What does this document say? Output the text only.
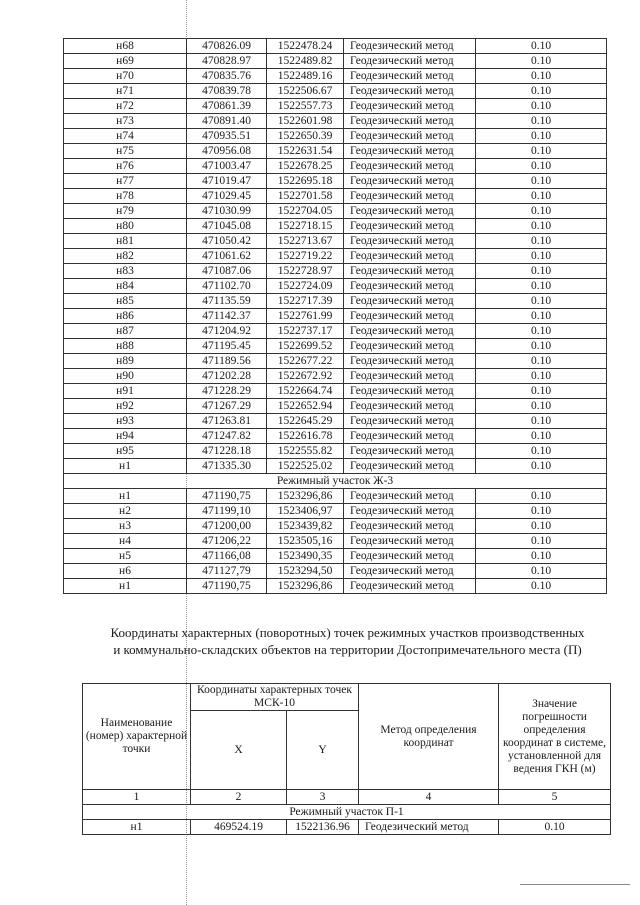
н68	470826.09	1522478.24	Геодезический метод	0.10
н69	470828.97	1522489.82	Геодезический метод	0.10
н70	470835.76	1522489.16	Геодезический метод	0.10
н71	470839.78	1522506.67	Геодезический метод	0.10
н72	470861.39	1522557.73	Геодезический метод	0.10
н73	470891.40	1522601.98	Геодезический метод	0.10
н74	470935.51	1522650.39	Геодезический метод	0.10
н75	470956.08	1522631.54	Геодезический метод	0.10
н76	471003.47	1522678.25	Геодезический метод	0.10
н77	471019.47	1522695.18	Геодезический метод	0.10
н78	471029.45	1522701.58	Геодезический метод	0.10
н79	471030.99	1522704.05	Геодезический метод	0.10
н80	471045.08	1522718.15	Геодезический метод	0.10
н81	471050.42	1522713.67	Геодезический метод	0.10
н82	471061.62	1522719.22	Геодезический метод	0.10
н83	471087.06	1522728.97	Геодезический метод	0.10
н84	471102.70	1522724.09	Геодезический метод	0.10
н85	471135.59	1522717.39	Геодезический метод	0.10
н86	471142.37	1522761.99	Геодезический метод	0.10
н87	471204.92	1522737.17	Геодезический метод	0.10
н88	471195.45	1522699.52	Геодезический метод	0.10
н89	471189.56	1522677.22	Геодезический метод	0.10
н90	471202.28	1522672.92	Геодезический метод	0.10
н91	471228.29	1522664.74	Геодезический метод	0.10
н92	471267.29	1522652.94	Геодезический метод	0.10
н93	471263.81	1522645.29	Геодезический метод	0.10
н94	471247.82	1522616.78	Геодезический метод	0.10
н95	471228.18	1522555.82	Геодезический метод	0.10
н1	471335.30	1522525.02	Геодезический метод	0.10
Режимный участок Ж-3				
н1	471190,75	1523296,86	Геодезический метод	0.10
н2	471199,10	1523406,97	Геодезический метод	0.10
н3	471200,00	1523439,82	Геодезический метод	0.10
н4	471206,22	1523505,16	Геодезический метод	0.10
н5	471166,08	1523490,35	Геодезический метод	0.10
н6	471127,79	1523294,50	Геодезический метод	0.10
н1	471190,75	1523296,86	Геодезический метод	0.10
Координаты характерных (поворотных) точек режимных участков производственных
и коммунально-складских объектов на территории Достопримечательного места (П)
Наименование (номер) характерной точки	Координаты характерных точек МСК-10		Метод определения координат	Значение погрешности определения координат в системе, установленной для ведения ГКН (м)
	X	Y		
1	2	3	4	5
Режимный участок П-1				
н1	469524.19	1522136.96	Геодезический метод	0.10
